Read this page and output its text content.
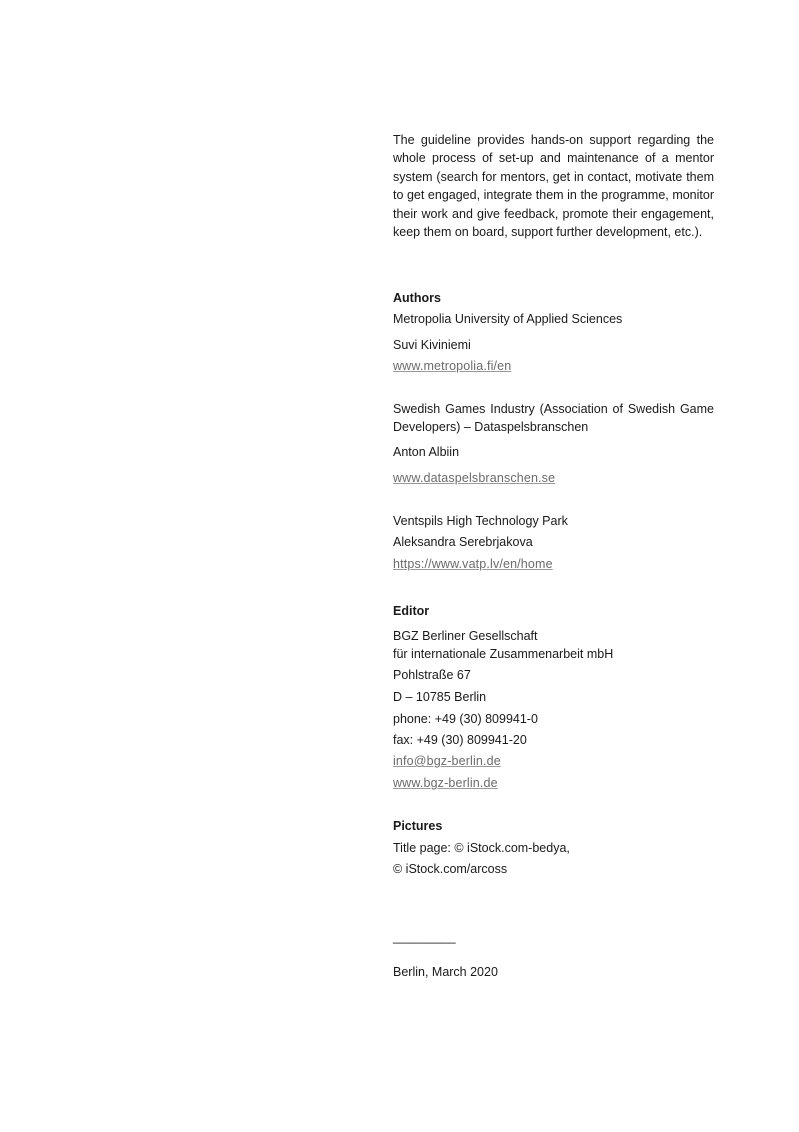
The guideline provides hands-on support regarding the whole process of set-up and maintenance of a mentor system (search for mentors, get in contact, motivate them to get engaged, integrate them in the programme, monitor their work and give feedback, promote their engagement, keep them on board, support further development, etc.).
Authors
Metropolia University of Applied Sciences
Suvi Kiviniemi
www.metropolia.fi/en
Swedish Games Industry (Association of Swedish Game Developers) – Dataspelsbranschen
Anton Albiin
www.dataspelsbranschen.se
Ventspils High Technology Park
Aleksandra Serebrjakova
https://www.vatp.lv/en/home
Editor
BGZ Berliner Gesellschaft
für internationale Zusammenarbeit mbH
Pohlstraße 67
D – 10785 Berlin
phone: +49 (30) 809941-0
fax: +49 (30) 809941-20
info@bgz-berlin.de
www.bgz-berlin.de
Pictures
Title page: © iStock.com-bedya,
© iStock.com/arcoss
_________
Berlin, March 2020
